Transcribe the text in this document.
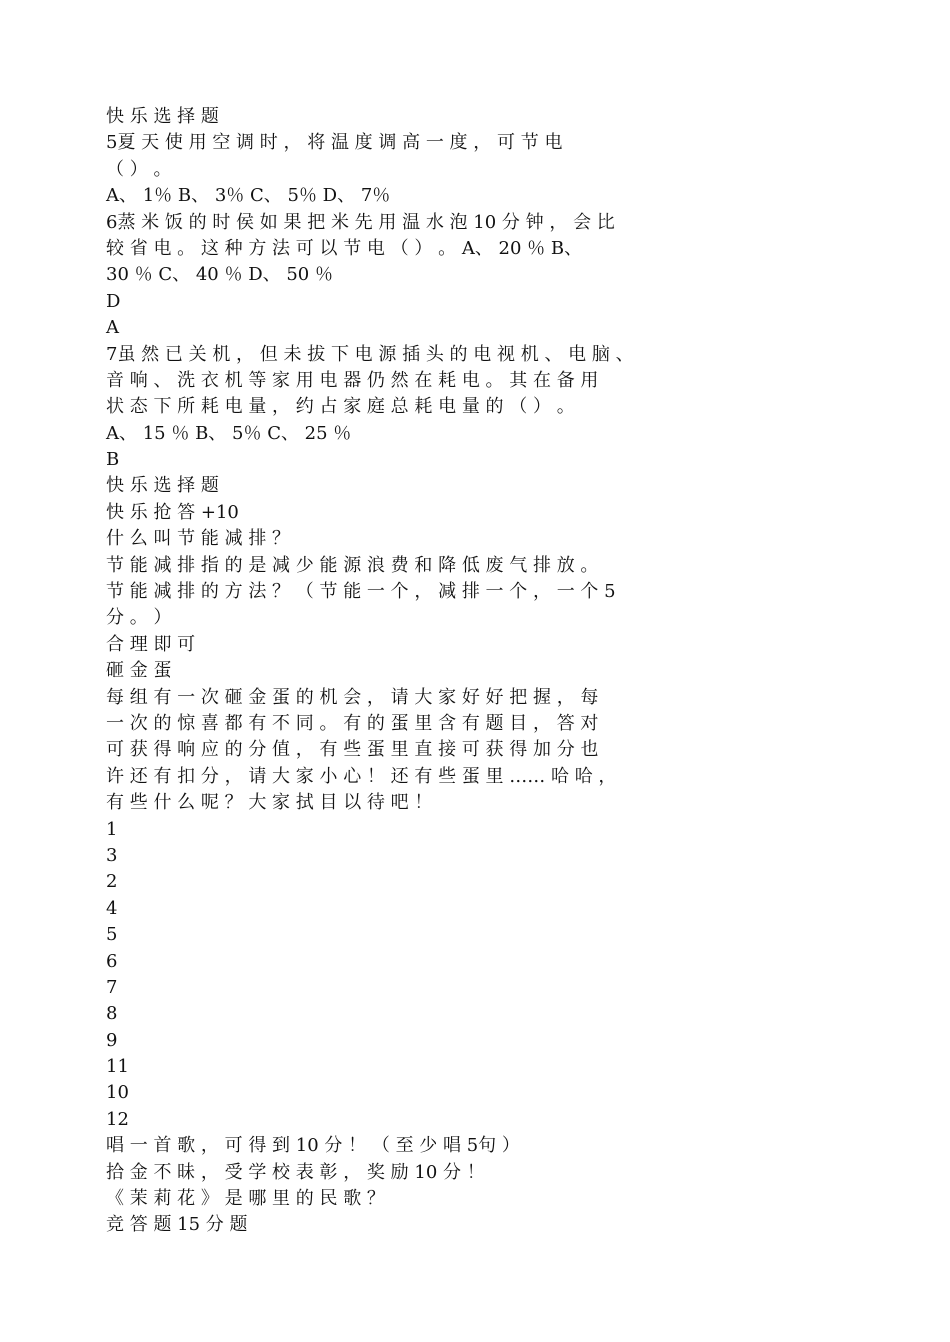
快 乐 选 择 题
5夏 天 使 用 空 调 时 ， 将 温 度 调 高 一 度 ， 可 节 电
（ ） 。
A、 1％ B、 3％ C、 5％ D、 7％
6蒸 米 饭 的 时 侯 如 果 把 米 先 用 温 水 泡 10 分 钟 ， 会 比
较 省 电 。 这 种 方 法 可 以 节 电 （ ） 。 A、 20 ％ B、
30 ％ C、 40 ％ D、 50 ％
D
A
7虽 然 已 关 机 ， 但 未 拔 下 电 源 插 头 的 电 视 机 、 电 脑 、
音 响 、 洗 衣 机 等 家 用 电 器 仍 然 在 耗 电 。 其 在 备 用
状 态 下 所 耗 电 量 ， 约 占 家 庭 总 耗 电 量 的 （ ） 。
A、 15 ％ B、 5％ C、 25 ％
B
快 乐 选 择 题
快 乐 抢 答 +10
什 么 叫 节 能 减 排 ？
节 能 减 排 指 的 是 减 少 能 源 浪 费 和 降 低 废 气 排 放 。
节 能 减 排 的 方 法 ？ （ 节 能 一 个 ， 减 排 一 个 ， 一 个 5
分 。 ）
合 理 即 可
砸 金 蛋
每 组 有 一 次 砸 金 蛋 的 机 会 ， 请 大 家 好 好 把 握 ， 每
一 次 的 惊 喜 都 有 不 同 。 有 的 蛋 里 含 有 题 目 ， 答 对
可 获 得 响 应 的 分 值 ， 有 些 蛋 里 直 接 可 获 得 加 分 也
许 还 有 扣 分 ， 请 大 家 小 心 ！ 还 有 些 蛋 里 …… 哈 哈 ，
有 些 什 么 呢 ？ 大 家 拭 目 以 待 吧 ！
1
3
2
4
5
6
7
8
9
11
10
12
唱 一 首 歌 ， 可 得 到 10 分 ！ （ 至 少 唱 5句 ）
拾 金 不 昧 ， 受 学 校 表 彰 ， 奖 励 10 分 ！
《 茉 莉 花 》 是 哪 里 的 民 歌 ？
竞 答 题 15 分 题
